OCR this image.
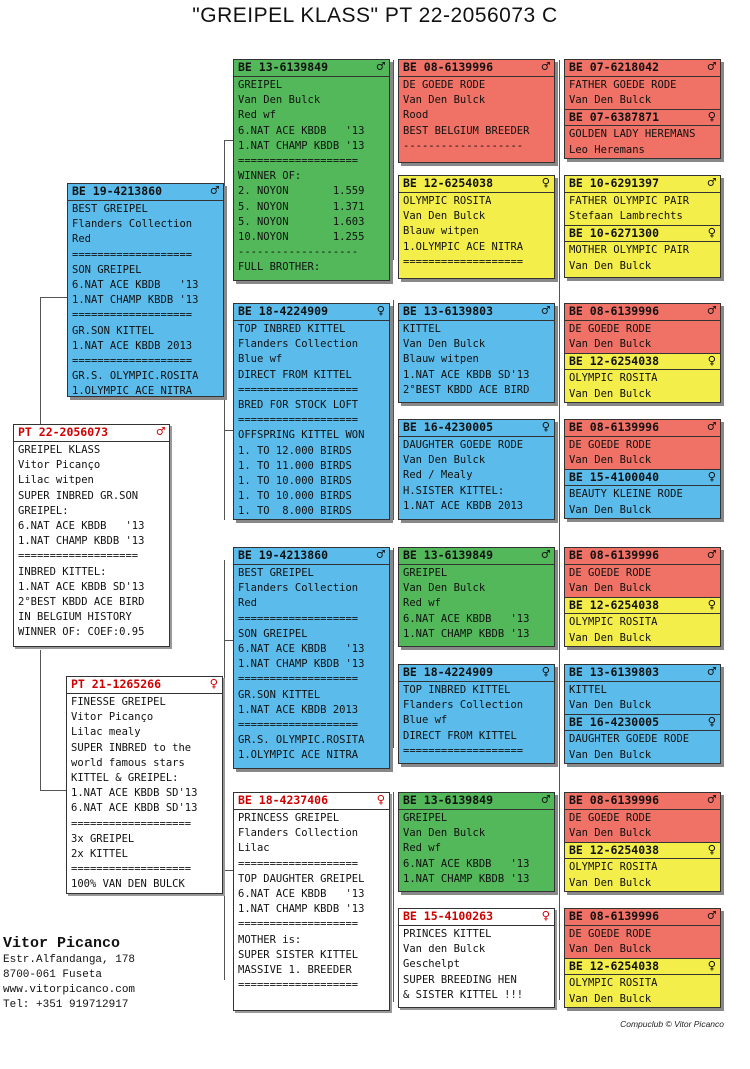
"GREIPEL KLASS" PT 22-2056073 C
PT 22-2056073	♂
GREIPEL KLASS
Vitor Picanço
Lilac witpen
SUPER INBRED GR.SON
GREIPEL:
6.NAT ACE KBDB   '13
1.NAT CHAMP KBDB '13
===================
INBRED KITTEL:
1.NAT ACE KBDB SD'13
2°BEST KBDD ACE BIRD
IN BELGIUM HISTORY
WINNER OF: COEF:0.95
BE 19-4213860	♂
BEST GREIPEL
Flanders Collection
Red
===================
SON GREIPEL
6.NAT ACE KBDB   '13
1.NAT CHAMP KBDB '13
===================
GR.SON KITTEL
1.NAT ACE KBDB 2013
===================
GR.S. OLYMPIC.ROSITA
1.OLYMPIC ACE NITRA
PT 21-1265266	♀
FINESSE GREIPEL
Vitor Picanço
Lilac mealy
SUPER INBRED to the
world famous stars
KITTEL & GREIPEL:
1.NAT ACE KBDB SD'13
6.NAT ACE KBDB SD'13
===================
3x GREIPEL
2x KITTEL
===================
100% VAN DEN BULCK
BE 13-6139849	♂
GREIPEL
Van Den Bulck
Red wf
6.NAT ACE KBDB   '13
1.NAT CHAMP KBDB '13
===================
WINNER OF:
2. NOYON       1.559
5. NOYON       1.371
5. NOYON       1.603
10.NOYON       1.255
-------------------
FULL BROTHER:
BE 18-4224909	♀
TOP INBRED KITTEL
Flanders Collection
Blue wf
DIRECT FROM KITTEL
===================
BRED FOR STOCK LOFT
===================
OFFSPRING KITTEL WON
1. TO 12.000 BIRDS
1. TO 11.000 BIRDS
1. TO 10.000 BIRDS
1. TO 10.000 BIRDS
1. TO  8.000 BIRDS
BE 19-4213860	♂
BEST GREIPEL
Flanders Collection
Red
===================
SON GREIPEL
6.NAT ACE KBDB   '13
1.NAT CHAMP KBDB '13
===================
GR.SON KITTEL
1.NAT ACE KBDB 2013
===================
GR.S. OLYMPIC.ROSITA
1.OLYMPIC ACE NITRA
BE 18-4237406	♀
PRINCESS GREIPEL
Flanders Collection
Lilac
===================
TOP DAUGHTER GREIPEL
6.NAT ACE KBDB   '13
1.NAT CHAMP KBDB '13
===================
MOTHER is:
SUPER SISTER KITTEL
MASSIVE 1. BREEDER
===================
BE 08-6139996	♂
DE GOEDE RODE
Van Den Bulck
Rood
BEST BELGIUM BREEDER
-------------------
BE 12-6254038	♀
OLYMPIC ROSITA
Van Den Bulck
Blauw witpen
1.OLYMPIC ACE NITRA
===================
BE 13-6139803	♂
KITTEL
Van Den Bulck
Blauw witpen
1.NAT ACE KBDB SD'13
2°BEST KBDD ACE BIRD
BE 16-4230005	♀
DAUGHTER GOEDE RODE
Van Den Bulck
Red / Mealy
H.SISTER KITTEL:
1.NAT ACE KBDB 2013
BE 13-6139849	♂
GREIPEL
Van Den Bulck
Red wf
6.NAT ACE KBDB   '13
1.NAT CHAMP KBDB '13
BE 18-4224909	♀
TOP INBRED KITTEL
Flanders Collection
Blue wf
DIRECT FROM KITTEL
===================
BE 13-6139849	♂
GREIPEL
Van Den Bulck
Red wf
6.NAT ACE KBDB   '13
1.NAT CHAMP KBDB '13
BE 15-4100263	♀
PRINCES KITTEL
Van den Bulck
Geschelpt
SUPER BREEDING HEN
& SISTER KITTEL !!!
BE 07-6218042	♂
FATHER GOEDE RODE
Van Den Bulck
BE 07-6387871	♀
GOLDEN LADY HEREMANS
Leo Heremans
BE 10-6291397	♂
FATHER OLYMPIC PAIR
Stefaan Lambrechts
BE 10-6271300	♀
MOTHER OLYMPIC PAIR
Van Den Bulck
BE 08-6139996	♂
DE GOEDE RODE
Van Den Bulck
BE 12-6254038	♀
OLYMPIC ROSITA
Van Den Bulck
BE 08-6139996	♂
DE GOEDE RODE
Van Den Bulck
BE 15-4100040	♀
BEAUTY KLEINE RODE
Van Den Bulck
BE 08-6139996	♂
DE GOEDE RODE
Van Den Bulck
BE 12-6254038	♀
OLYMPIC ROSITA
Van Den Bulck
BE 13-6139803	♂
KITTEL
Van Den Bulck
BE 16-4230005	♀
DAUGHTER GOEDE RODE
Van Den Bulck
BE 08-6139996	♂
DE GOEDE RODE
Van Den Bulck
BE 12-6254038	♀
OLYMPIC ROSITA
Van Den Bulck
BE 08-6139996	♂
DE GOEDE RODE
Van Den Bulck
BE 12-6254038	♀
OLYMPIC ROSITA
Van Den Bulck
Vitor Picanco
Estr.Alfandanga, 178
8700-061 Fuseta
www.vitorpicanco.com
Tel: +351 919712917
Compuclub © Vitor Picanco
